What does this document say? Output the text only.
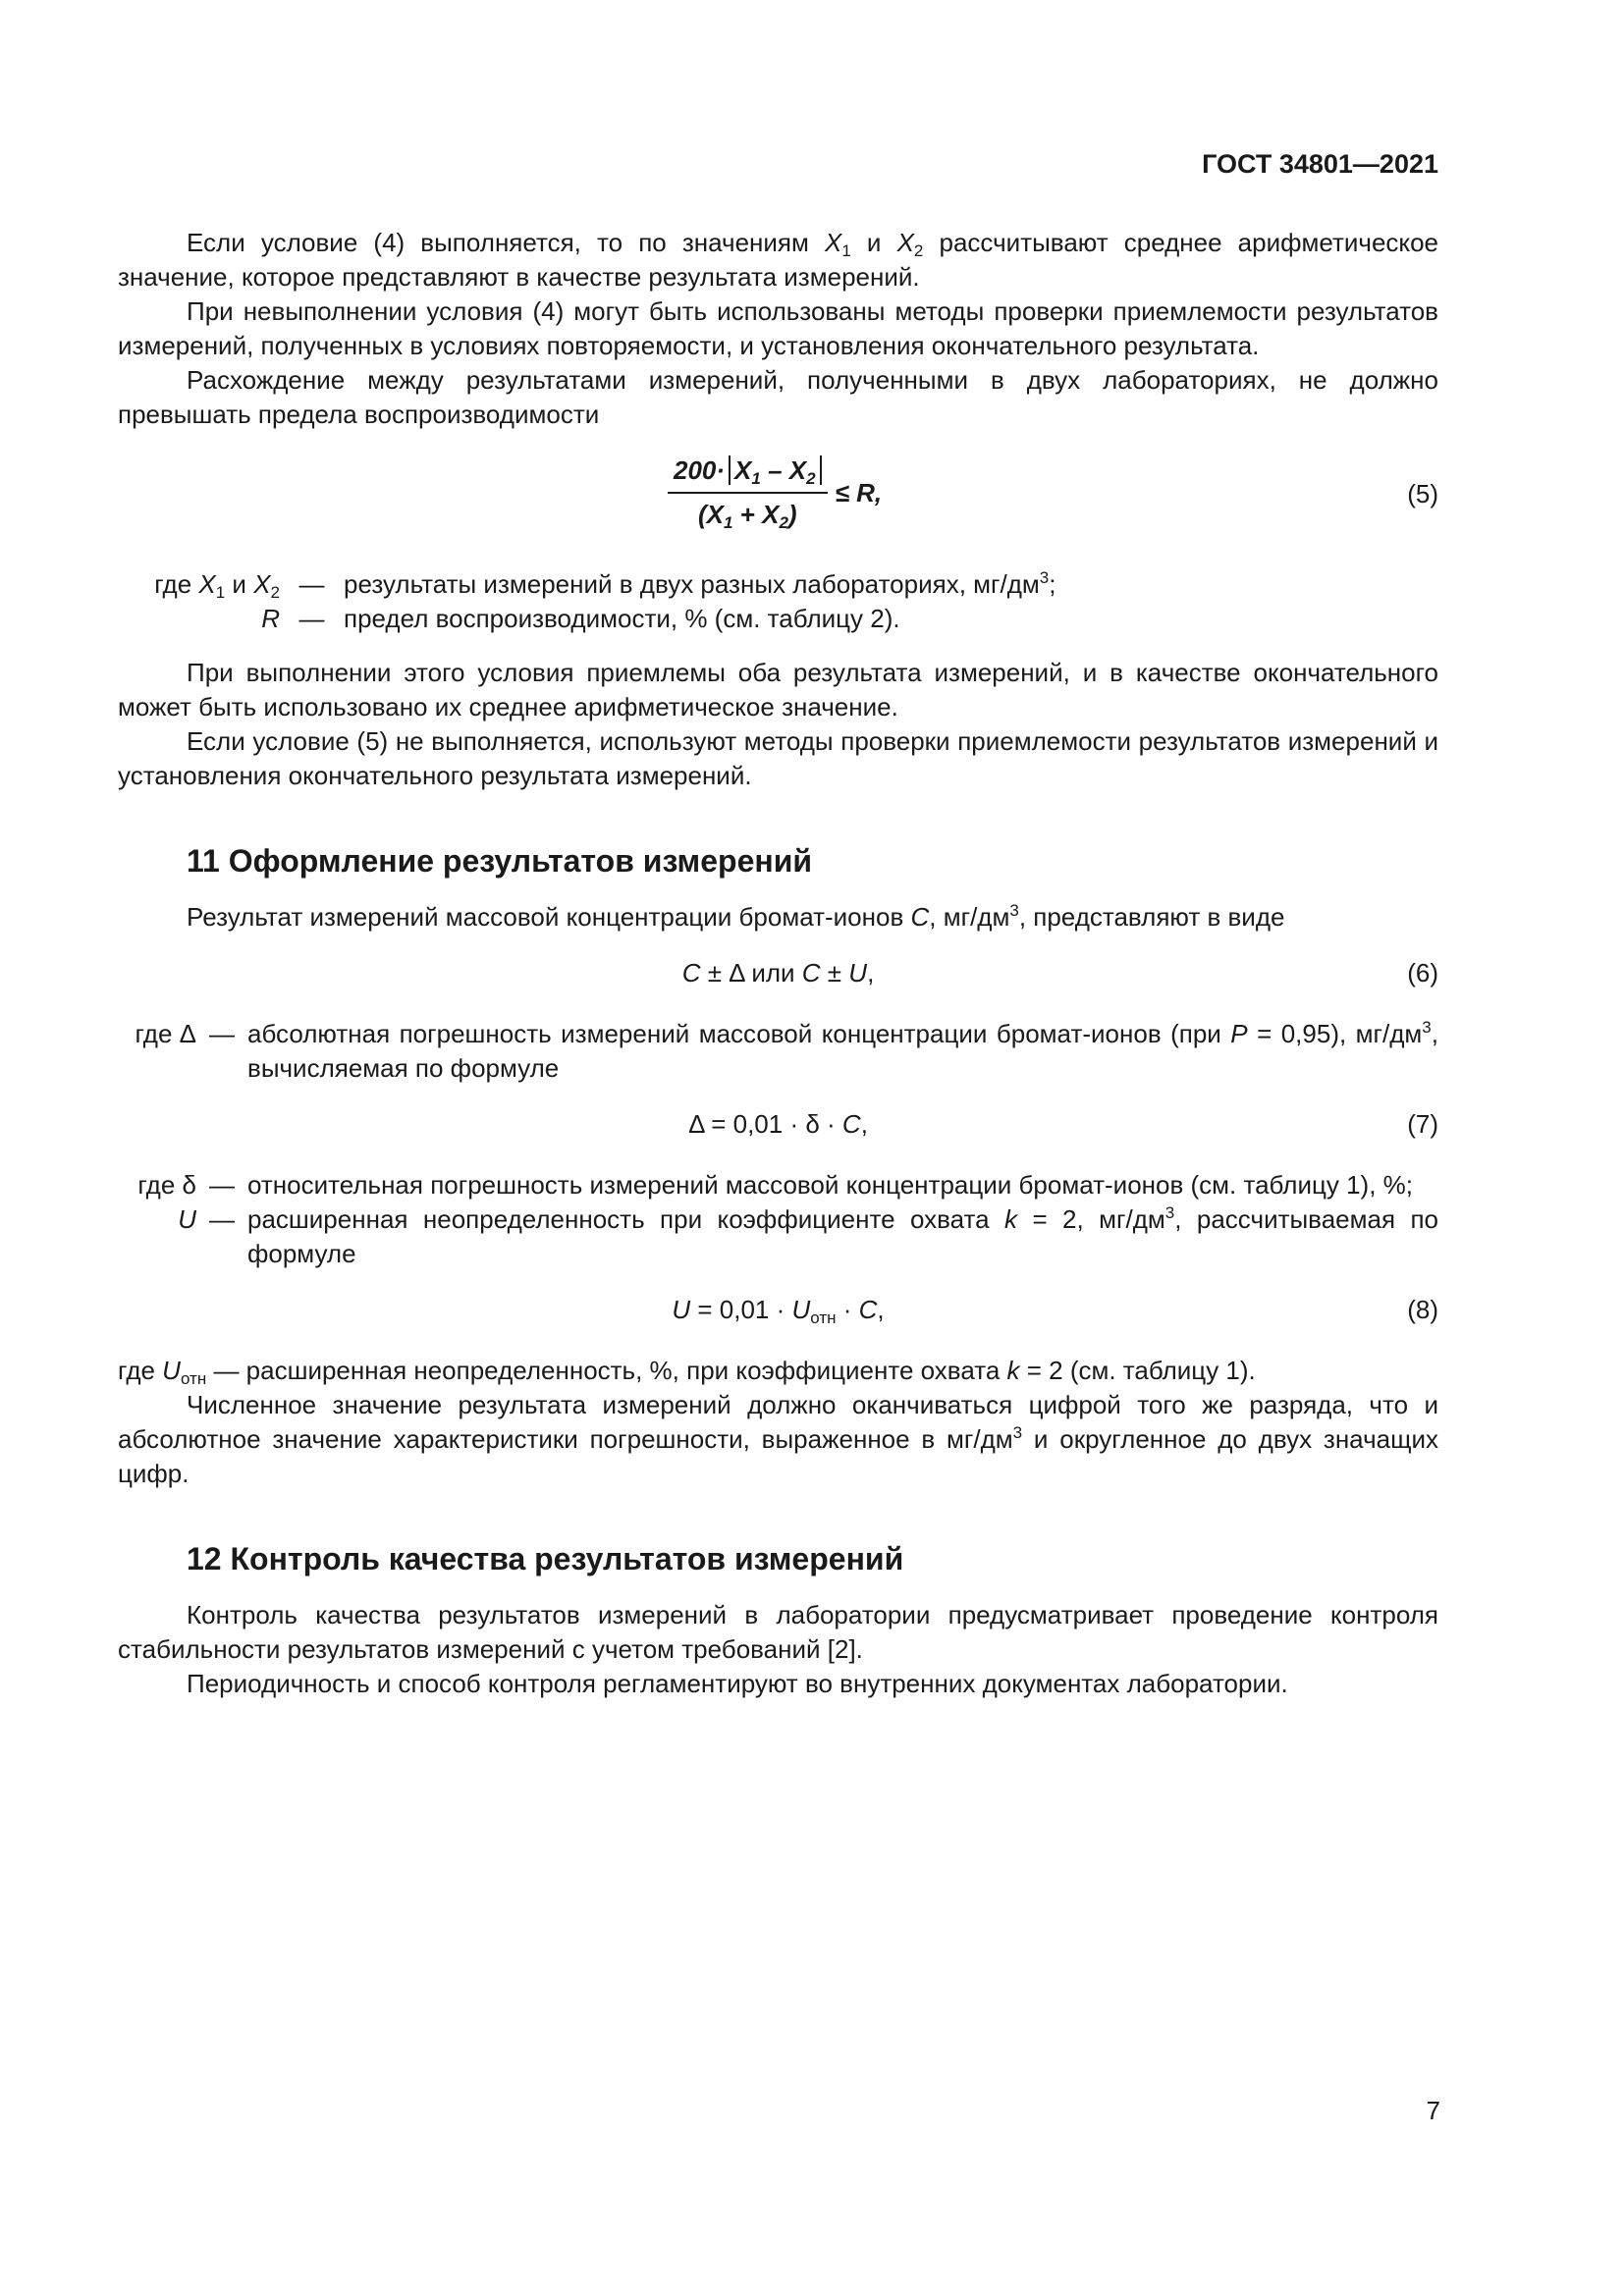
ГОСТ 34801—2021

Если условие (4) выполняется, то по значениям $X_1$ и $X_2$ рассчитывают среднее арифметическое значение, которое представляют в качестве результата измерений.

При невыполнении условия (4) могут быть использованы методы проверки приемлемости результатов измерений, полученных в условиях повторяемости, и установления окончательного результата.

Расхождение между результатами измерений, полученными в двух лабораториях, не должно превышать предела воспроизводимости

$\frac{200\cdot X_1 - X_2}{(X_1 + X_2)} \le R$,	(5)
где $X_1$ и $X_2$ — результаты измерений в двух разных лабораториях, $мг/дм^3$;
R — предел воспроизводимости, % (см. таблицу 2).

При выполнении этого условия приемлемы оба результата измерений, и в качестве окончательного может быть использовано их среднее арифметическое значение.

Если условие (5) не выполняется, используют методы проверки приемлемости результатов измерений и установления окончательного результата измерений.

11 Оформление результатов измерений

Результат измерений массовой концентрации бромат-ионов C, $мг/дм^3$, представляют в виде

C ± Δ или C ± U,	(6)
где Δ — абсолютная погрешность измерений массовой концентрации бромат-ионов (при P = 0,95), $мг/дм^3$, вычисляемая по формуле
Δ = 0,01 · δ · C,	(7)
где δ — относительная погрешность измерений массовой концентрации бромат-ионов (см. таблицу 1), %;
U — расширенная неопределенность при коэффициенте охвата k = 2, $мг/дм^3$, рассчитываемая по формуле
$U = 0,01 \cdot U_{отн} \cdot C$,	(8)

где $U_{отн}$ — расширенная неопределенность, %, при коэффициенте охвата k = 2 (см. таблицу 1).

Численное значение результата измерений должно оканчиваться цифрой того же разряда, что и абсолютное значение характеристики погрешности, выраженное в $мг/дм^3$ и округленное до двух значащих цифр.

12 Контроль качества результатов измерений

Контроль качества результатов измерений в лаборатории предусматривает проведение контроля стабильности результатов измерений с учетом требований [2].

Периодичность и способ контроля регламентируют во внутренних документах лаборатории.

7
